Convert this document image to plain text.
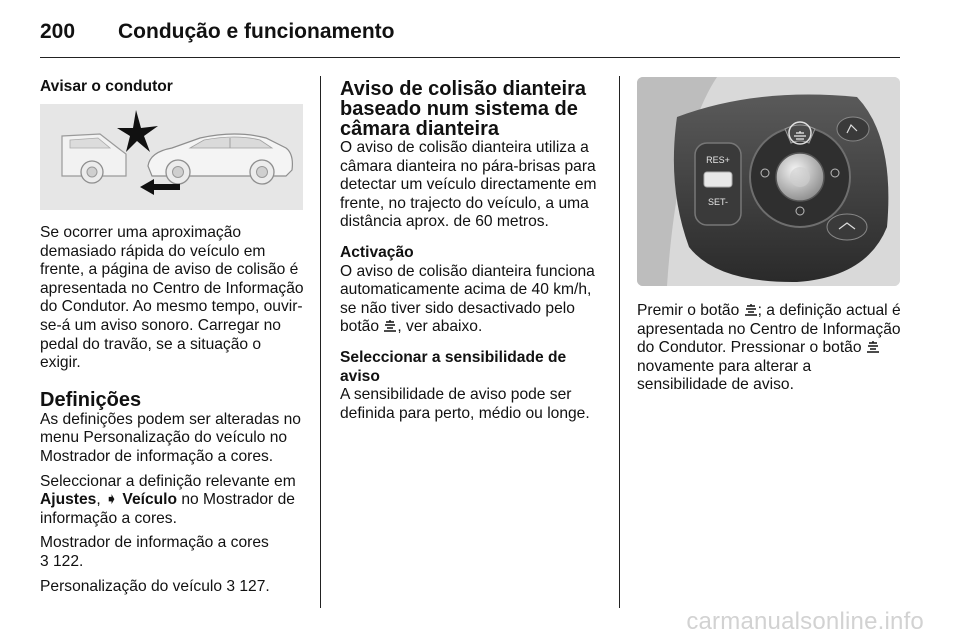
200 Condução e funcionamento
Avisar o condutor

Se ocorrer uma aproximação demasiado rápida do veículo em frente, a página de aviso de colisão é apresentada no Centro de Informação do Condutor. Ao mesmo tempo, ouvir-se-á um aviso sonoro. Carregar no pedal do travão, se a situação o exigir.

Definições

As definições podem ser alteradas no menu Personalização do veículo no Mostrador de informação a cores.

Seleccionar a definição relevante em Ajustes, ➧ Veículo no Mostrador de informação a cores.

Mostrador de informação a cores
3 122.

Personalização do veículo 3 127.

Aviso de colisão dianteira baseado num sistema de câmara dianteira

O aviso de colisão dianteira utiliza a câmara dianteira no pára-brisas para detectar um veículo directamente em frente, no trajecto do veículo, a uma distância aprox. de 60 metros.

Activação

O aviso de colisão dianteira funciona automaticamente acima de 40 km/h, se não tiver sido desactivado pelo botão , ver abaixo.

Seleccionar a sensibilidade de aviso

A sensibilidade de aviso pode ser definida para perto, médio ou longe.

RES+
SET-

Premir o botão ; a definição actual é apresentada no Centro de Informação do Condutor. Pressionar o botão  novamente para alterar a sensibilidade de aviso.

carmanualsonline.info
